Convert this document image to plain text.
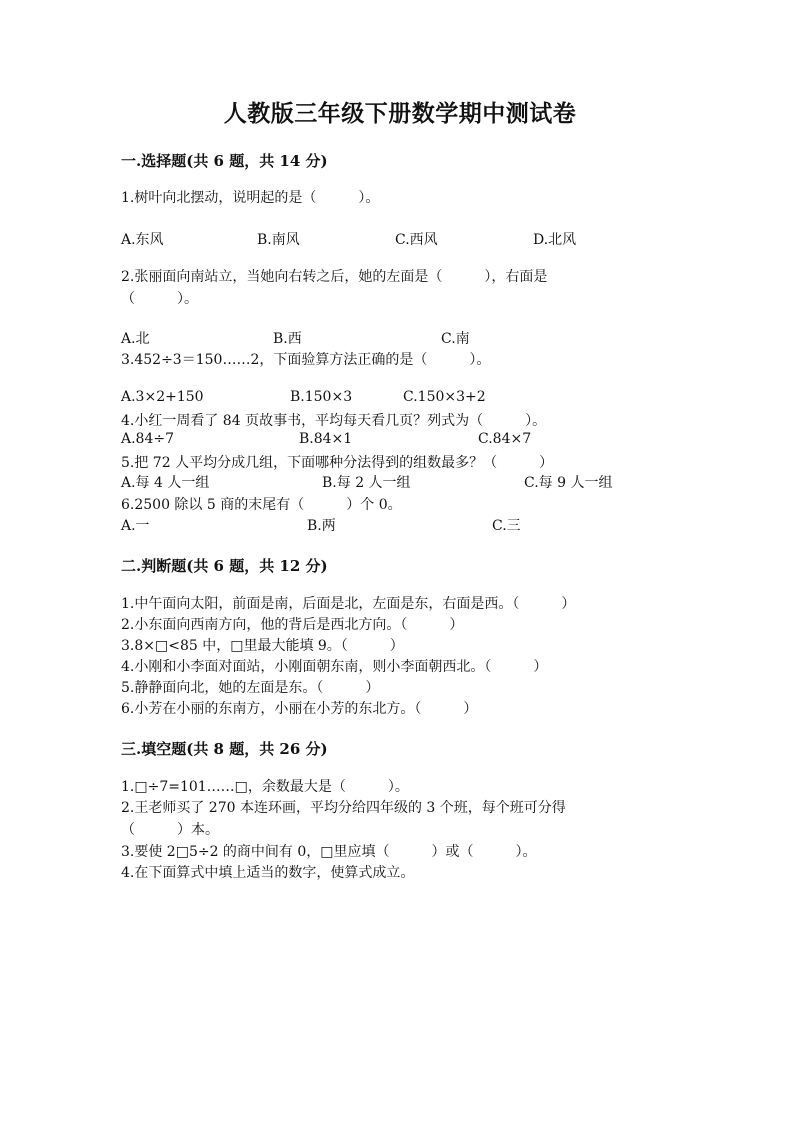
人教版三年级下册数学期中测试卷
一.选择题(共 6 题，共 14 分)
1.树叶向北摆动，说明起的是（　　　）。
A.东风	B.南风	C.西风	D.北风
2.张丽面向南站立，当她向右转之后，她的左面是（　　　），右面是（　　　）。
A.北	B.西	C.南
3.452÷3＝150……2，下面验算方法正确的是（　　　）。
A.3×2+150	B.150×3	C.150×3+2
4.小红一周看了 84 页故事书，平均每天看几页？列式为（　　　）。
A.84÷7	B.84×1	C.84×7
5.把 72 人平均分成几组，下面哪种分法得到的组数最多？（　　　）
A.每 4 人一组	B.每 2 人一组	C.每 9 人一组
6.2500 除以 5 商的末尾有（　　　）个 0。
A.一	B.两	C.三
二.判断题(共 6 题，共 12 分)
1.中午面向太阳，前面是南，后面是北，左面是东，右面是西。（　　　）
2.小东面向西南方向，他的背后是西北方向。（　　　）
3.8×□<85 中，□里最大能填 9。（　　　）
4.小刚和小李面对面站，小刚面朝东南，则小李面朝西北。（　　　）
5.静静面向北，她的左面是东。（　　　）
6.小芳在小丽的东南方，小丽在小芳的东北方。（　　　）
三.填空题(共 8 题，共 26 分)
1.□÷7=101……□，余数最大是（　　　）。
2.王老师买了 270 本连环画，平均分给四年级的 3 个班，每个班可分得（　　　）本。
3.要使 2□5÷2 的商中间有 0，□里应填（　　　）或（　　　）。
4.在下面算式中填上适当的数字，使算式成立。
